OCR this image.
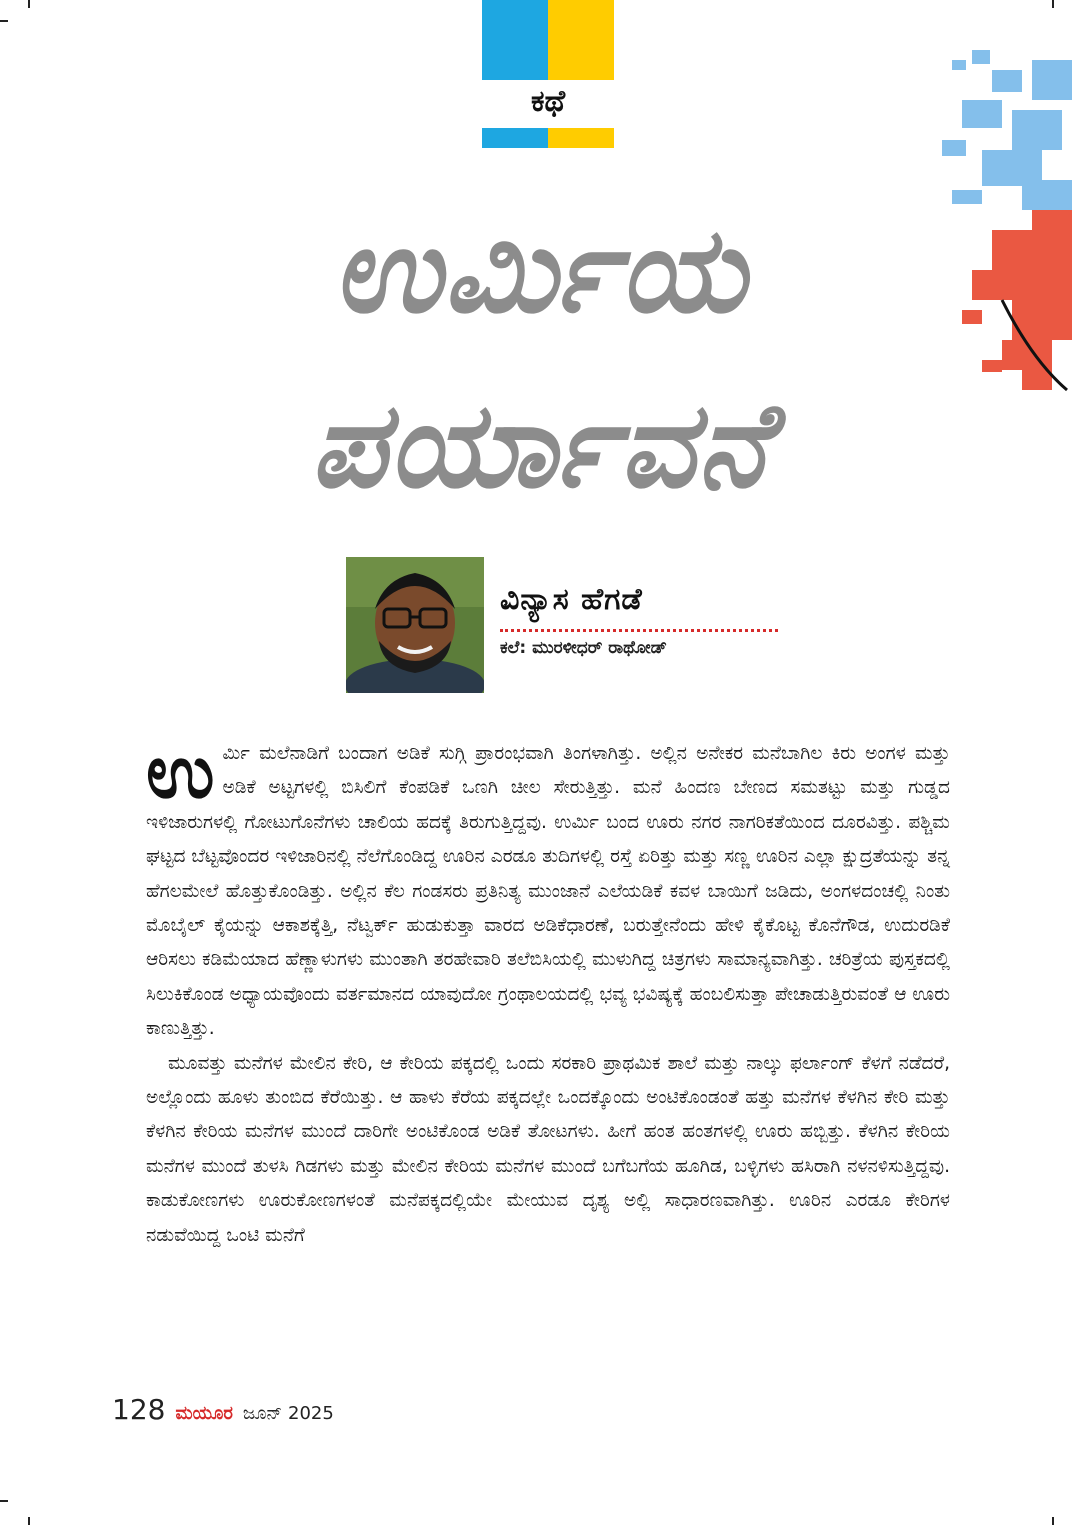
ಕಥೆ
ಉರ್ಮಿಯ
ಪರ್ಯಾವನೆ
ವಿನ್ಯಾಸ ಹೆಗಡೆ
ಕಲೆ: ಮುರಳೀಧರ್ ರಾಥೋಡ್

ಉರ್ಮಿ ಮಲೆನಾಡಿಗೆ ಬಂದಾಗ ಅಡಿಕೆ ಸುಗ್ಗಿ ಪ್ರಾರಂಭವಾಗಿ ತಿಂಗಳಾಗಿತ್ತು. ಅಲ್ಲಿನ ಅನೇಕರ ಮನೆಬಾಗಿಲ ಕಿರು ಅಂಗಳ ಮತ್ತು ಅಡಿಕೆ ಅಟ್ಟಗಳಲ್ಲಿ ಬಿಸಿಲಿಗೆ ಕೆಂಪಡಿಕೆ ಒಣಗಿ ಚೀಲ ಸೇರುತ್ತಿತ್ತು. ಮನೆ ಹಿಂದಣ ಬೇಣದ ಸಮತಟ್ಟು ಮತ್ತು ಗುಡ್ಡದ ಇಳಿಜಾರುಗಳಲ್ಲಿ ಗೋಟುಗೊನೆಗಳು ಚಾಲಿಯ ಹದಕ್ಕೆ ತಿರುಗುತ್ತಿದ್ದವು. ಉರ್ಮಿ ಬಂದ ಊರು ನಗರ ನಾಗರಿಕತೆಯಿಂದ ದೂರವಿತ್ತು. ಪಶ್ಚಿಮ ಘಟ್ಟದ ಬೆಟ್ಟವೊಂದರ ಇಳಿಜಾರಿನಲ್ಲಿ ನೆಲೆಗೊಂಡಿದ್ದ ಊರಿನ ಎರಡೂ ತುದಿಗಳಲ್ಲಿ ರಸ್ತೆ ಏರಿತ್ತು ಮತ್ತು ಸಣ್ಣ ಊರಿನ ಎಲ್ಲಾ ಕ್ಷುದ್ರತೆಯನ್ನು ತನ್ನ ಹೆಗಲಮೇಲೆ ಹೊತ್ತುಕೊಂಡಿತ್ತು. ಅಲ್ಲಿನ ಕೆಲ ಗಂಡಸರು ಪ್ರತಿನಿತ್ಯ ಮುಂಜಾನೆ ಎಲೆಯಡಿಕೆ ಕವಳ ಬಾಯಿಗೆ ಜಡಿದು, ಅಂಗಳದಂಚಲ್ಲಿ ನಿಂತು ಮೊಬೈಲ್ ಕೈಯನ್ನು ಆಕಾಶಕ್ಕೆತ್ತಿ, ನೆಟ್ವರ್ಕ್ ಹುಡುಕುತ್ತಾ ವಾರದ ಅಡಿಕೆಧಾರಣೆ, ಬರುತ್ತೇನೆಂದು ಹೇಳಿ ಕೈಕೊಟ್ಟ ಕೊನೆಗೌಡ, ಉದುರಡಿಕೆ ಆರಿಸಲು ಕಡಿಮೆಯಾದ ಹೆಣ್ಣಾಳುಗಳು ಮುಂತಾಗಿ ತರಹೇವಾರಿ ತಲೆಬಿಸಿಯಲ್ಲಿ ಮುಳುಗಿದ್ದ ಚಿತ್ರಗಳು ಸಾಮಾನ್ಯವಾಗಿತ್ತು. ಚರಿತ್ರೆಯ ಪುಸ್ತಕದಲ್ಲಿ ಸಿಲುಕಿಕೊಂಡ ಅಧ್ಯಾಯವೊಂದು ವರ್ತಮಾನದ ಯಾವುದೋ ಗ್ರಂಥಾಲಯದಲ್ಲಿ ಭವ್ಯ ಭವಿಷ್ಯಕ್ಕೆ ಹಂಬಲಿಸುತ್ತಾ ಪೇಚಾಡುತ್ತಿರುವಂತೆ ಆ ಊರು ಕಾಣುತ್ತಿತ್ತು.

ಮೂವತ್ತು ಮನೆಗಳ ಮೇಲಿನ ಕೇರಿ, ಆ ಕೇರಿಯ ಪಕ್ಕದಲ್ಲಿ ಒಂದು ಸರಕಾರಿ ಪ್ರಾಥಮಿಕ ಶಾಲೆ ಮತ್ತು ನಾಲ್ಕು ಫರ್ಲಾಂಗ್ ಕೆಳಗೆ ನಡೆದರೆ, ಅಲ್ಲೊಂದು ಹೂಳು ತುಂಬಿದ ಕೆರೆಯಿತ್ತು. ಆ ಹಾಳು ಕೆರೆಯ ಪಕ್ಕದಲ್ಲೇ ಒಂದಕ್ಕೊಂದು ಅಂಟಿಕೊಂಡಂತೆ ಹತ್ತು ಮನೆಗಳ ಕೆಳಗಿನ ಕೇರಿ ಮತ್ತು ಕೆಳಗಿನ ಕೇರಿಯ ಮನೆಗಳ ಮುಂದೆ ದಾರಿಗೇ ಅಂಟಿಕೊಂಡ ಅಡಿಕೆ ತೋಟಗಳು. ಹೀಗೆ ಹಂತ ಹಂತಗಳಲ್ಲಿ ಊರು ಹಬ್ಬಿತ್ತು. ಕೆಳಗಿನ ಕೇರಿಯ ಮನೆಗಳ ಮುಂದೆ ತುಳಸಿ ಗಿಡಗಳು ಮತ್ತು ಮೇಲಿನ ಕೇರಿಯ ಮನೆಗಳ ಮುಂದೆ ಬಗೆಬಗೆಯ ಹೂಗಿಡ, ಬಳ್ಳಿಗಳು ಹಸಿರಾಗಿ ನಳನಳಿಸುತ್ತಿದ್ದವು. ಕಾಡುಕೋಣಗಳು ಊರುಕೋಣಗಳಂತೆ ಮನೆಪಕ್ಕದಲ್ಲಿಯೇ ಮೇಯುವ ದೃಶ್ಯ ಅಲ್ಲಿ ಸಾಧಾರಣವಾಗಿತ್ತು. ಊರಿನ ಎರಡೂ ಕೇರಿಗಳ ನಡುವೆಯಿದ್ದ ಒಂಟಿ ಮನೆಗೆ

128 ಮಯೂರ ಜೂನ್ 2025
